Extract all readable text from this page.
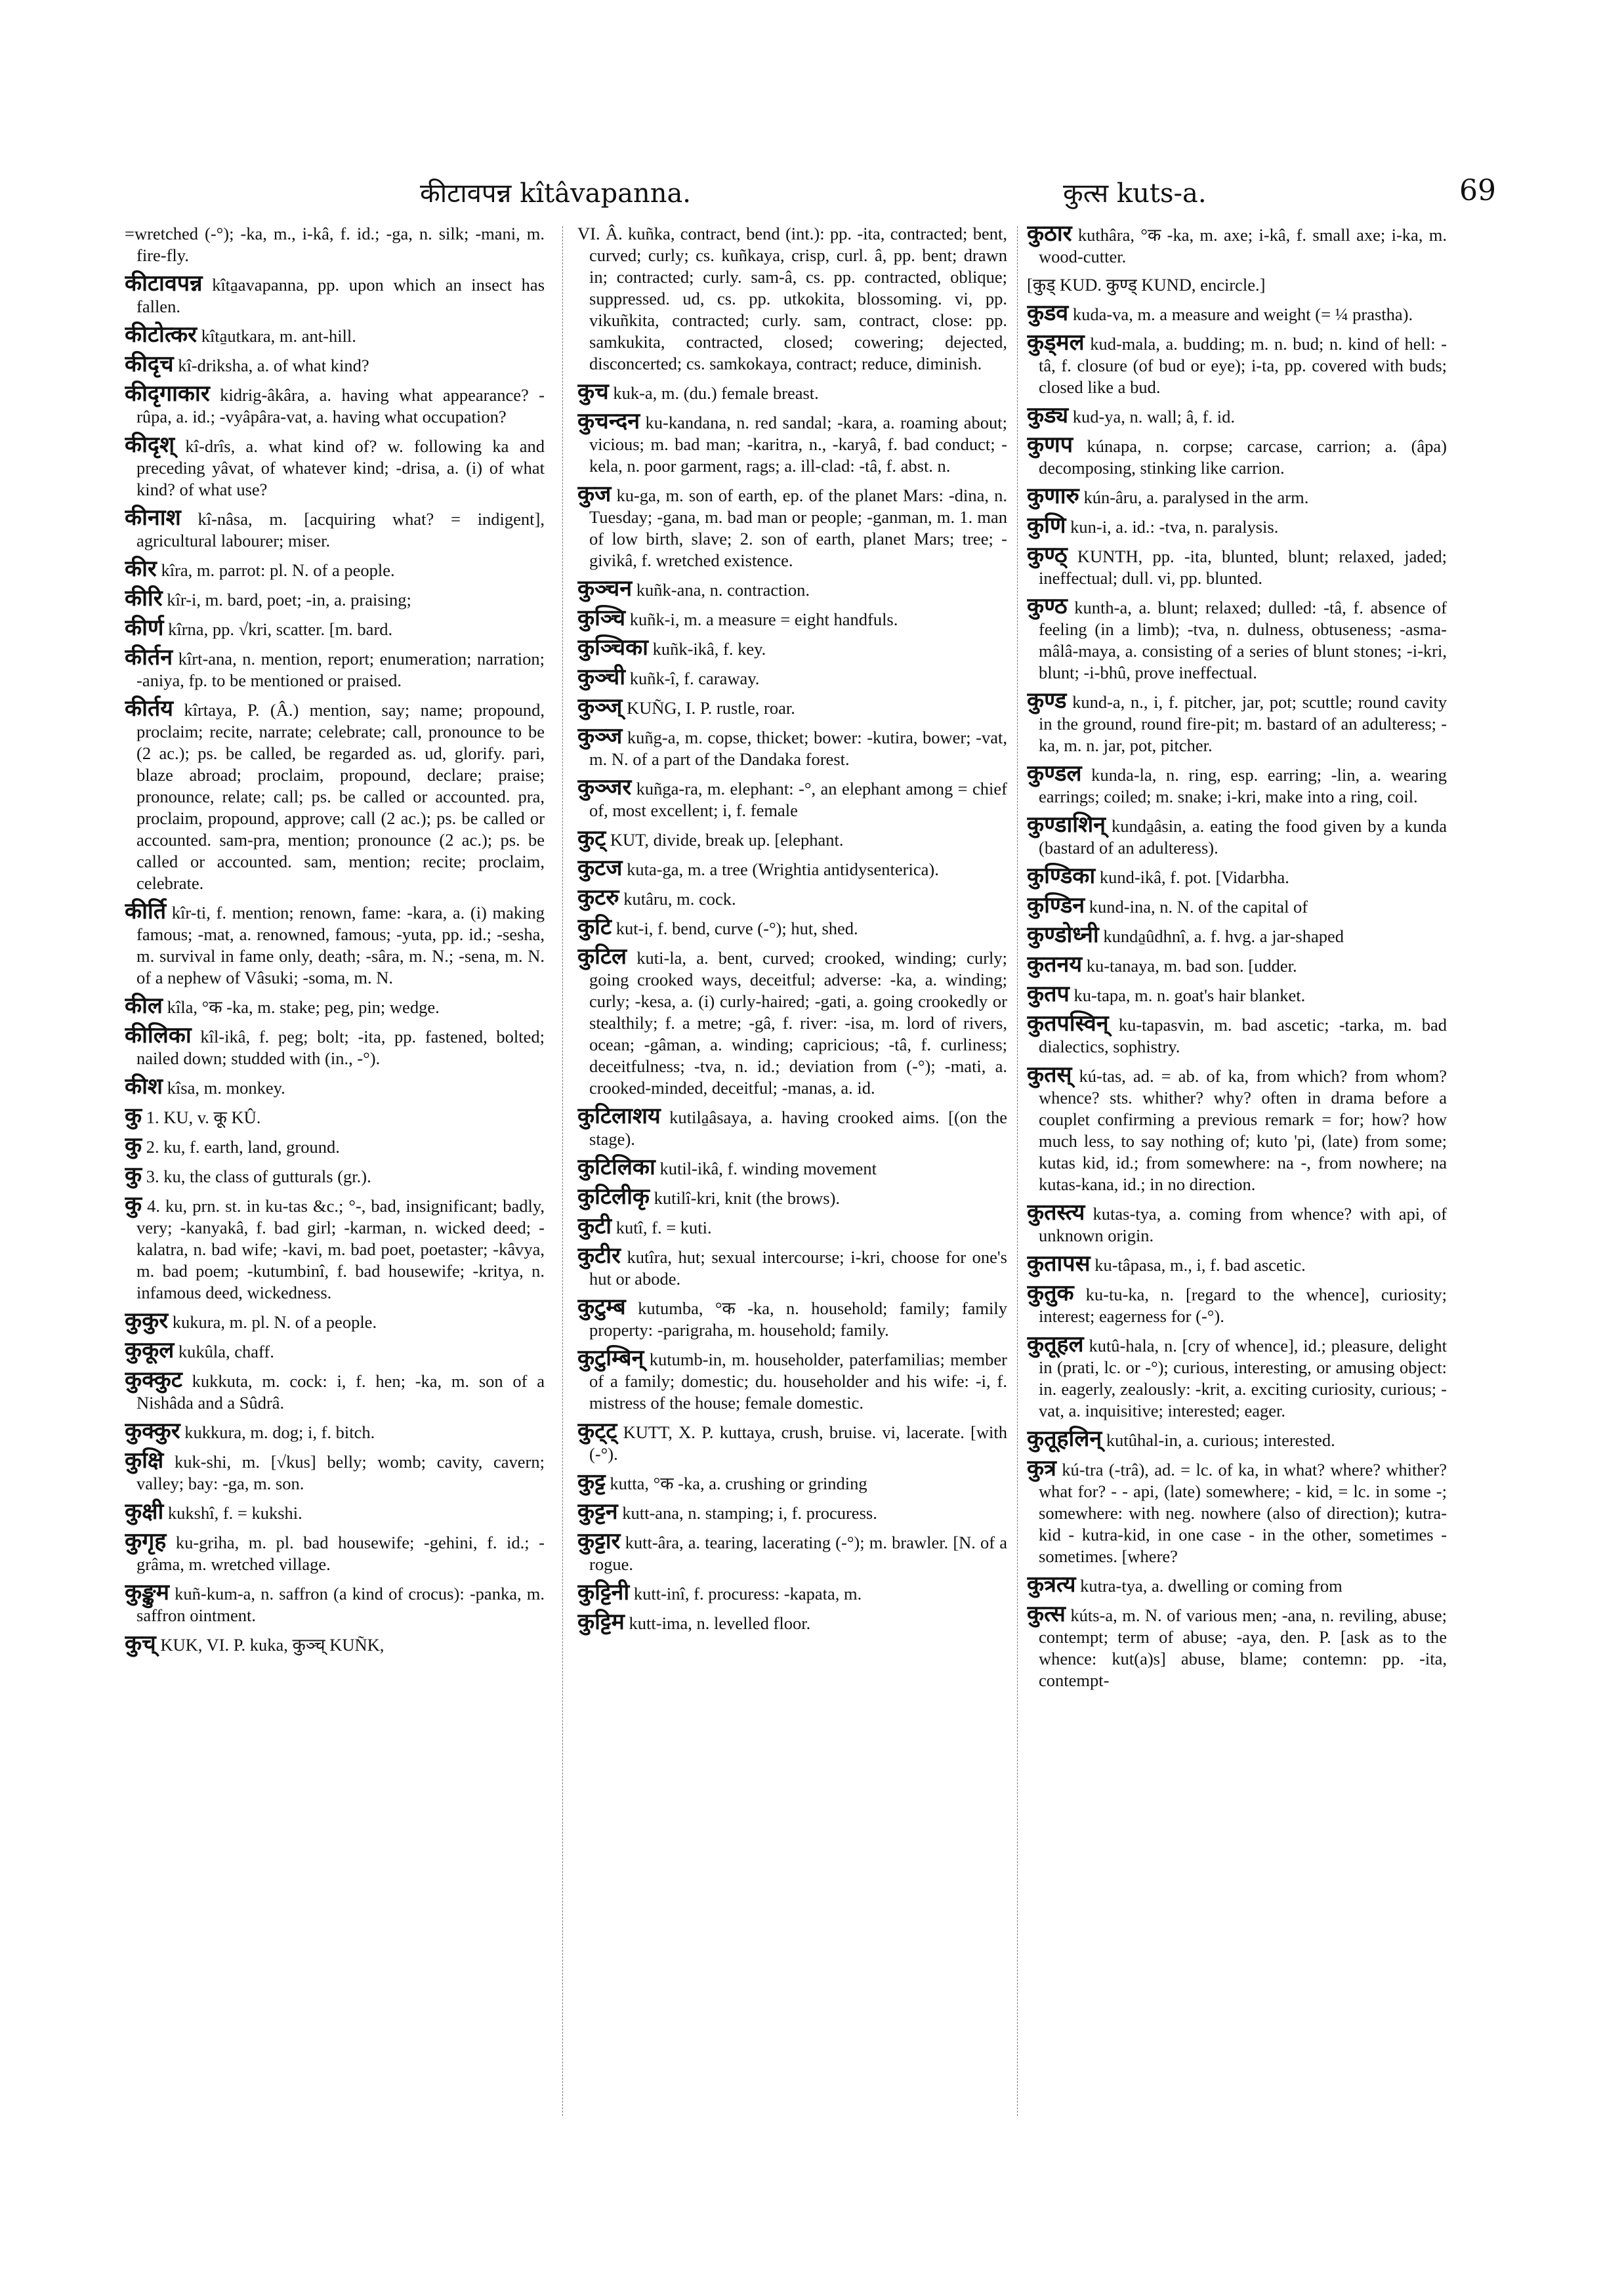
कीटावपन्न kîtâvapanna.	कुत्स kuts-a.	69
=wretched (-°); -ka, m., i-kâ, f. id.; -ga, n. silk; -mani, m. fire-fly.
कीटावपन्न kîta̱avapanna, pp. upon which an insect has fallen.
कीटोत्कर kîta̱utkara, m. ant-hill.
कीदृच kî-driksha, a. of what kind?
कीदृगाकार kidrig-âkâra, a. having what appearance? -rûpa, a. id.; -vyâpâra-vat, a. having what occupation?
कीदृश् kî-drîs, a. what kind of? w. following ka and preceding yâvat, of whatever kind; -drisa, a. (i) of what kind? of what use?
कीनाश kî-nâsa, m. [acquiring what? = indigent], agricultural labourer; miser.
कीर kîra, m. parrot: pl. N. of a people.
कीरि kîr-i, m. bard, poet; -in, a. praising;
कीर्ण kîrna, pp. √kri, scatter. [m. bard.
कीर्तन kîrt-ana, n. mention, report; enumeration; narration; -aniya, fp. to be mentioned or praised.
कीर्तय kîrtaya, P. (Â.) mention, say; name; propound, proclaim; recite, narrate; celebrate; call, pronounce to be (2 ac.); ps. be called, be regarded as. ud, glorify. pari, blaze abroad; proclaim, propound, declare; praise; pronounce, relate; call; ps. be called or accounted. pra, proclaim, propound, approve; call (2 ac.); ps. be called or accounted. sam-pra, mention; pronounce (2 ac.); ps. be called or accounted. sam, mention; recite; proclaim, celebrate.
कीर्ति kîr-ti, f. mention; renown, fame: -kara, a. (i) making famous; -mat, a. renowned, famous; -yuta, pp. id.; -sesha, m. survival in fame only, death; -sâra, m. N.; -sena, m. N. of a nephew of Vâsuki; -soma, m. N.
कील kîla, °क -ka, m. stake; peg, pin; wedge.
कीलिका kîl-ikâ, f. peg; bolt; -ita, pp. fastened, bolted; nailed down; studded with (in., -°).
कीश kîsa, m. monkey.
कु 1. KU, v. कू KÛ.
कु 2. ku, f. earth, land, ground.
कु 3. ku, the class of gutturals (gr.).
कु 4. ku, prn. st. in ku-tas &c.; °-, bad, insignificant; badly, very; -kanyakâ, f. bad girl; -karman, n. wicked deed; -kalatra, n. bad wife; -kavi, m. bad poet, poetaster; -kâvya, m. bad poem; -kutumbinî, f. bad housewife; -kritya, n. infamous deed, wickedness.
कुकुर kukura, m. pl. N. of a people.
कुकूल kukûla, chaff.
कुक्कुट kukkuta, m. cock: i, f. hen; -ka, m. son of a Nishâda and a Sûdrâ.
कुक्कुर kukkura, m. dog; i, f. bitch.
कुक्षि kuk-shi, m. [√kus] belly; womb; cavity, cavern; valley; bay: -ga, m. son.
कुक्षी kukshî, f. = kukshi.
कुगृह ku-griha, m. pl. bad housewife; -gehini, f. id.; -grâma, m. wretched village.
कुङ्कुम kuñ-kum-a, n. saffron (a kind of crocus): -panka, m. saffron ointment.
कुच् KUK, VI. P. kuka, कुञ्च् KUÑK,
VI. Â. kuñka, contract, bend (int.): pp. -ita, contracted; bent, curved; curly; cs. kuñkaya, crisp, curl. â, pp. bent; drawn in; contracted; curly. sam-â, cs. pp. contracted, oblique; suppressed. ud, cs. pp. utkokita, blossoming. vi, pp. vikuñkita, contracted; curly. sam, contract, close: pp. samkukita, contracted, closed; cowering; dejected, disconcerted; cs. samkokaya, contract; reduce, diminish.
कुच kuk-a, m. (du.) female breast.
कुचन्दन ku-kandana, n. red sandal; -kara, a. roaming about; vicious; m. bad man; -karitra, n., -karyâ, f. bad conduct; -kela, n. poor garment, rags; a. ill-clad: -tâ, f. abst. n.
कुज ku-ga, m. son of earth, ep. of the planet Mars: -dina, n. Tuesday; -gana, m. bad man or people; -ganman, m. 1. man of low birth, slave; 2. son of earth, planet Mars; tree; -givikâ, f. wretched existence.
कुञ्चन kuñk-ana, n. contraction.
कुञ्चि kuñk-i, m. a measure = eight handfuls.
कुञ्चिका kuñk-ikâ, f. key.
कुञ्ची kuñk-î, f. caraway.
कुञ्ज् KUÑG, I. P. rustle, roar.
कुञ्ज kuñg-a, m. copse, thicket; bower: -kutira, bower; -vat, m. N. of a part of the Dandaka forest.
कुञ्जर kuñga-ra, m. elephant: -°, an elephant among = chief of, most excellent; i, f. female
कुट् KUT, divide, break up. [elephant.
कुटज kuta-ga, m. a tree (Wrightia antidysenterica).
कुटरु kutâru, m. cock.
कुटि kut-i, f. bend, curve (-°); hut, shed.
कुटिल kuti-la, a. bent, curved; crooked, winding; curly; going crooked ways, deceitful; adverse: -ka, a. winding; curly; -kesa, a. (i) curly-haired; -gati, a. going crookedly or stealthily; f. a metre; -gâ, f. river: -isa, m. lord of rivers, ocean; -gâman, a. winding; capricious; -tâ, f. curliness; deceitfulness; -tva, n. id.; deviation from (-°); -mati, a. crooked-minded, deceitful; -manas, a. id.
कुटिलाशय kutila̱âsaya, a. having crooked aims. [(on the stage).
कुटिलिका kutil-ikâ, f. winding movement
कुटिलीकृ kutilî-kri, knit (the brows).
कुटी kutî, f. = kuti.
कुटीर kutîra, hut; sexual intercourse; i-kri, choose for one's hut or abode.
कुटुम्ब kutumba, °क -ka, n. household; family; family property: -parigraha, m. household; family.
कुटुम्बिन् kutumb-in, m. householder, paterfamilias; member of a family; domestic; du. householder and his wife: -i, f. mistress of the house; female domestic.
कुट्ट् KUTT, X. P. kuttaya, crush, bruise. vi, lacerate. [with (-°).
कुट्ट kutta, °क -ka, a. crushing or grinding
कुट्टन kutt-ana, n. stamping; i, f. procuress.
कुट्टार kutt-âra, a. tearing, lacerating (-°); m. brawler. [N. of a rogue.
कुट्टिनी kutt-inî, f. procuress: -kapata, m.
कुट्टिम kutt-ima, n. levelled floor.
कुठार kuthâra, °क -ka, m. axe; i-kâ, f. small axe; i-ka, m. wood-cutter.
[कुड् KUD. कुण्ड् KUND, encircle.]
कुडव kuda-va, m. a measure and weight (= ¼ prastha).
कुड्मल kud-mala, a. budding; m. n. bud; n. kind of hell: -tâ, f. closure (of bud or eye); i-ta, pp. covered with buds; closed like a bud.
कुड्य kud-ya, n. wall; â, f. id.
कुणप kúnapa, n. corpse; carcase, carrion; a. (âpa) decomposing, stinking like carrion.
कुणारु kún-âru, a. paralysed in the arm.
कुणि kun-i, a. id.: -tva, n. paralysis.
कुण्ठ् KUNTH, pp. -ita, blunted, blunt; relaxed, jaded; ineffectual; dull. vi, pp. blunted.
कुण्ठ kunth-a, a. blunt; relaxed; dulled: -tâ, f. absence of feeling (in a limb); -tva, n. dulness, obtuseness; -asma-mâlâ-maya, a. consisting of a series of blunt stones; -i-kri, blunt; -i-bhû, prove ineffectual.
कुण्ड kund-a, n., i, f. pitcher, jar, pot; scuttle; round cavity in the ground, round fire-pit; m. bastard of an adulteress; -ka, m. n. jar, pot, pitcher.
कुण्डल kunda-la, n. ring, esp. earring; -lin, a. wearing earrings; coiled; m. snake; i-kri, make into a ring, coil.
कुण्डाशिन् kunda̱âsin, a. eating the food given by a kunda (bastard of an adulteress).
कुण्डिका kund-ikâ, f. pot. [Vidarbha.
कुण्डिन kund-ina, n. N. of the capital of
कुण्डोध्नी kunda̱ûdhnî, a. f. hvg. a jar-shaped
कुतनय ku-tanaya, m. bad son. [udder.
कुतप ku-tapa, m. n. goat's hair blanket.
कुतपस्विन् ku-tapasvin, m. bad ascetic; -tarka, m. bad dialectics, sophistry.
कुतस् kú-tas, ad. = ab. of ka, from which? from whom? whence? sts. whither? why? often in drama before a couplet confirming a previous remark = for; how? how much less, to say nothing of; kuto 'pi, (late) from some; kutas kid, id.; from somewhere: na -, from nowhere; na kutas-kana, id.; in no direction.
कुतस्त्य kutas-tya, a. coming from whence? with api, of unknown origin.
कुतापस ku-tâpasa, m., i, f. bad ascetic.
कुतुक ku-tu-ka, n. [regard to the whence], curiosity; interest; eagerness for (-°).
कुतूहल kutû-hala, n. [cry of whence], id.; pleasure, delight in (prati, lc. or -°); curious, interesting, or amusing object: in. eagerly, zealously: -krit, a. exciting curiosity, curious; -vat, a. inquisitive; interested; eager.
कुतूहलिन् kutûhal-in, a. curious; interested.
कुत्र kú-tra (-trâ), ad. = lc. of ka, in what? where? whither? what for? - - api, (late) somewhere; - kid, = lc. in some -; somewhere: with neg. nowhere (also of direction); kutra-kid - kutra-kid, in one case - in the other, sometimes - sometimes. [where?
कुत्रत्य kutra-tya, a. dwelling or coming from
कुत्स kúts-a, m. N. of various men; -ana, n. reviling, abuse; contempt; term of abuse; -aya, den. P. [ask as to the whence: kut(a)s] abuse, blame; contemn: pp. -ita, contempt-
